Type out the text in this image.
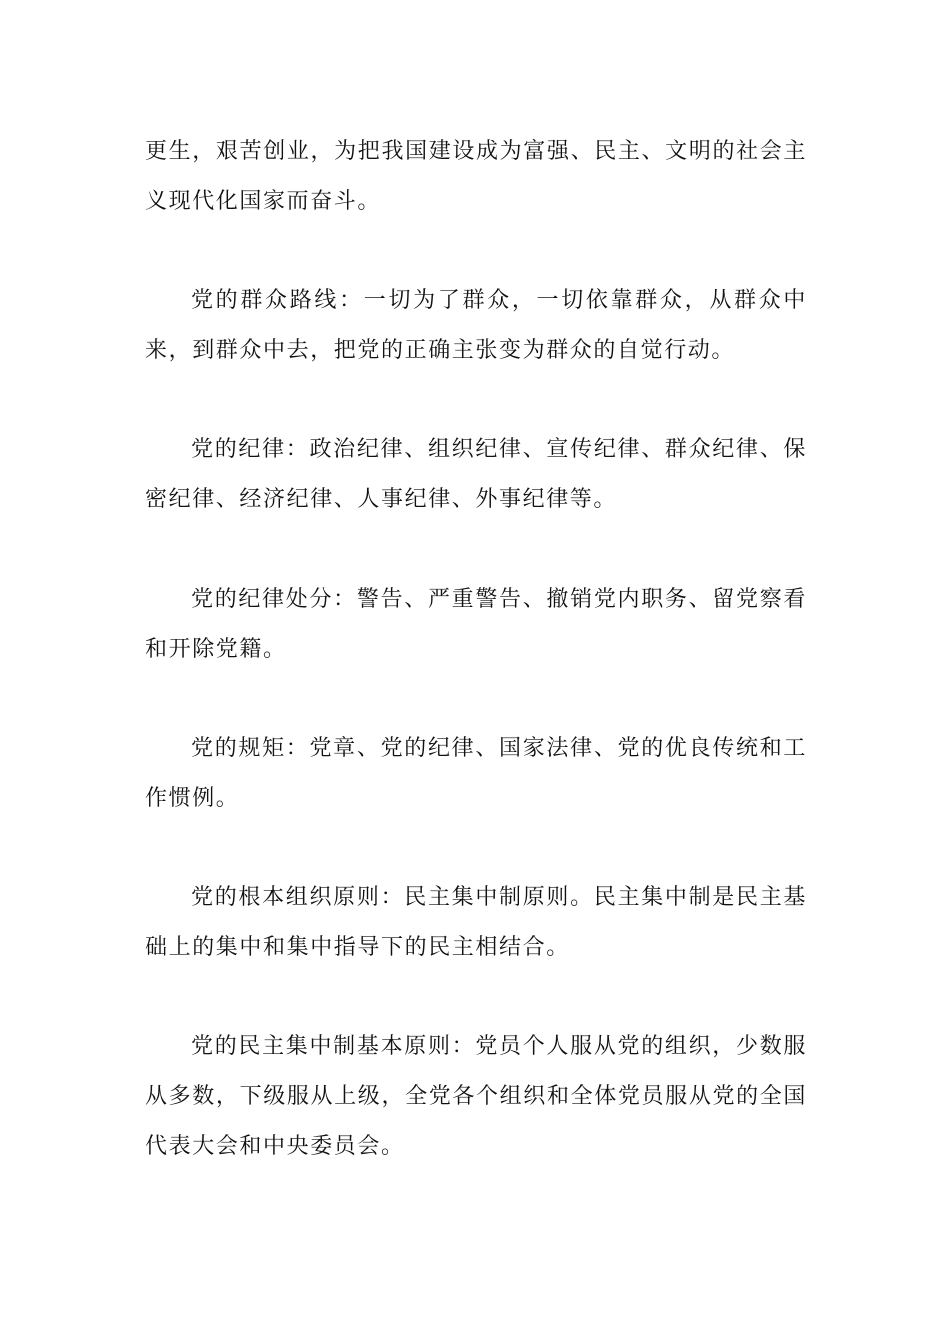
更生，艰苦创业，为把我国建设成为富强、民主、文明的社会主义现代化国家而奋斗。

党的群众路线：一切为了群众，一切依靠群众，从群众中来，到群众中去，把党的正确主张变为群众的自觉行动。

党的纪律：政治纪律、组织纪律、宣传纪律、群众纪律、保密纪律、经济纪律、人事纪律、外事纪律等。

党的纪律处分：警告、严重警告、撤销党内职务、留党察看和开除党籍。

党的规矩：党章、党的纪律、国家法律、党的优良传统和工作惯例。

党的根本组织原则：民主集中制原则。民主集中制是民主基础上的集中和集中指导下的民主相结合。

党的民主集中制基本原则：党员个人服从党的组织，少数服从多数，下级服从上级，全党各个组织和全体党员服从党的全国代表大会和中央委员会。
